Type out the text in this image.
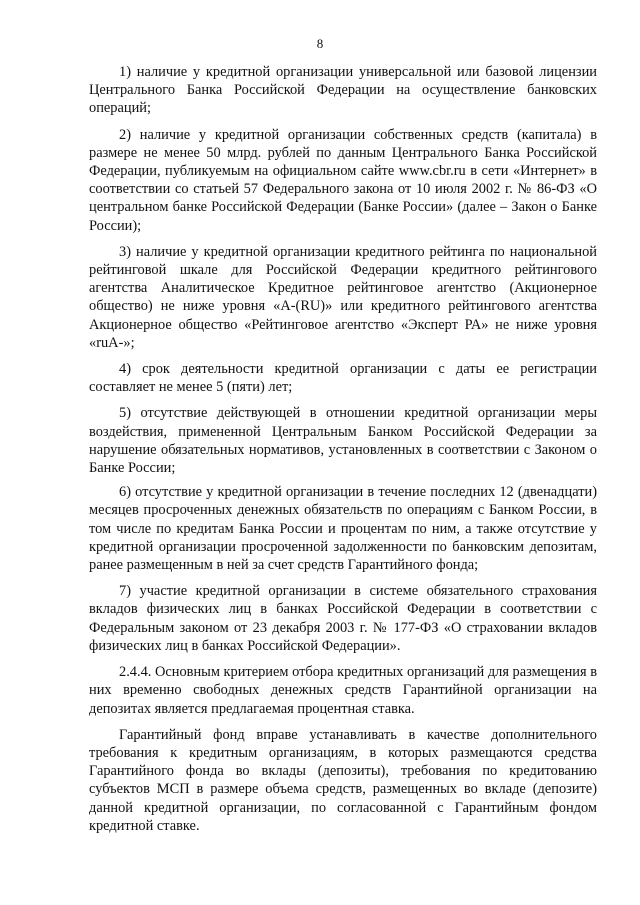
8

1) наличие у кредитной организации универсальной или базовой лицензии Центрального Банка Российской Федерации на осуществление банковских операций;

2) наличие у кредитной организации собственных средств (капитала) в размере не менее 50 млрд. рублей по данным Центрального Банка Российской Федерации, публикуемым на официальном сайте www.cbr.ru в сети «Интернет» в соответствии со статьей 57 Федерального закона от 10 июля 2002 г. № 86-ФЗ «О центральном банке Российской Федерации (Банке России» (далее – Закон о Банке России);

3) наличие у кредитной организации кредитного рейтинга по национальной рейтинговой шкале для Российской Федерации кредитного рейтингового агентства Аналитическое Кредитное рейтинговое агентство (Акционерное общество) не ниже уровня «A-(RU)» или кредитного рейтингового агентства Акционерное общество «Рейтинговое агентство «Эксперт РА» не ниже уровня «ruA-»;

4) срок деятельности кредитной организации с даты ее регистрации составляет не менее 5 (пяти) лет;

5) отсутствие действующей в отношении кредитной организации меры воздействия, примененной Центральным Банком Российской Федерации за нарушение обязательных нормативов, установленных в соответствии с Законом о Банке России;

6) отсутствие у кредитной организации в течение последних 12 (двенадцати) месяцев просроченных денежных обязательств по операциям с Банком России, в том числе по кредитам Банка России и процентам по ним, а также отсутствие у кредитной организации просроченной задолженности по банковским депозитам, ранее размещенным в ней за счет средств Гарантийного фонда;

7) участие кредитной организации в системе обязательного страхования вкладов физических лиц в банках Российской Федерации в соответствии с Федеральным законом от 23 декабря 2003 г. № 177-ФЗ «О страховании вкладов физических лиц в банках Российской Федерации».

2.4.4. Основным критерием отбора кредитных организаций для размещения в них временно свободных денежных средств Гарантийной организации на депозитах является предлагаемая процентная ставка.

Гарантийный фонд вправе устанавливать в качестве дополнительного требования к кредитным организациям, в которых размещаются средства Гарантийного фонда во вклады (депозиты), требования по кредитованию субъектов МСП в размере объема средств, размещенных во вкладе (депозите) данной кредитной организации, по согласованной с Гарантийным фондом кредитной ставке.
